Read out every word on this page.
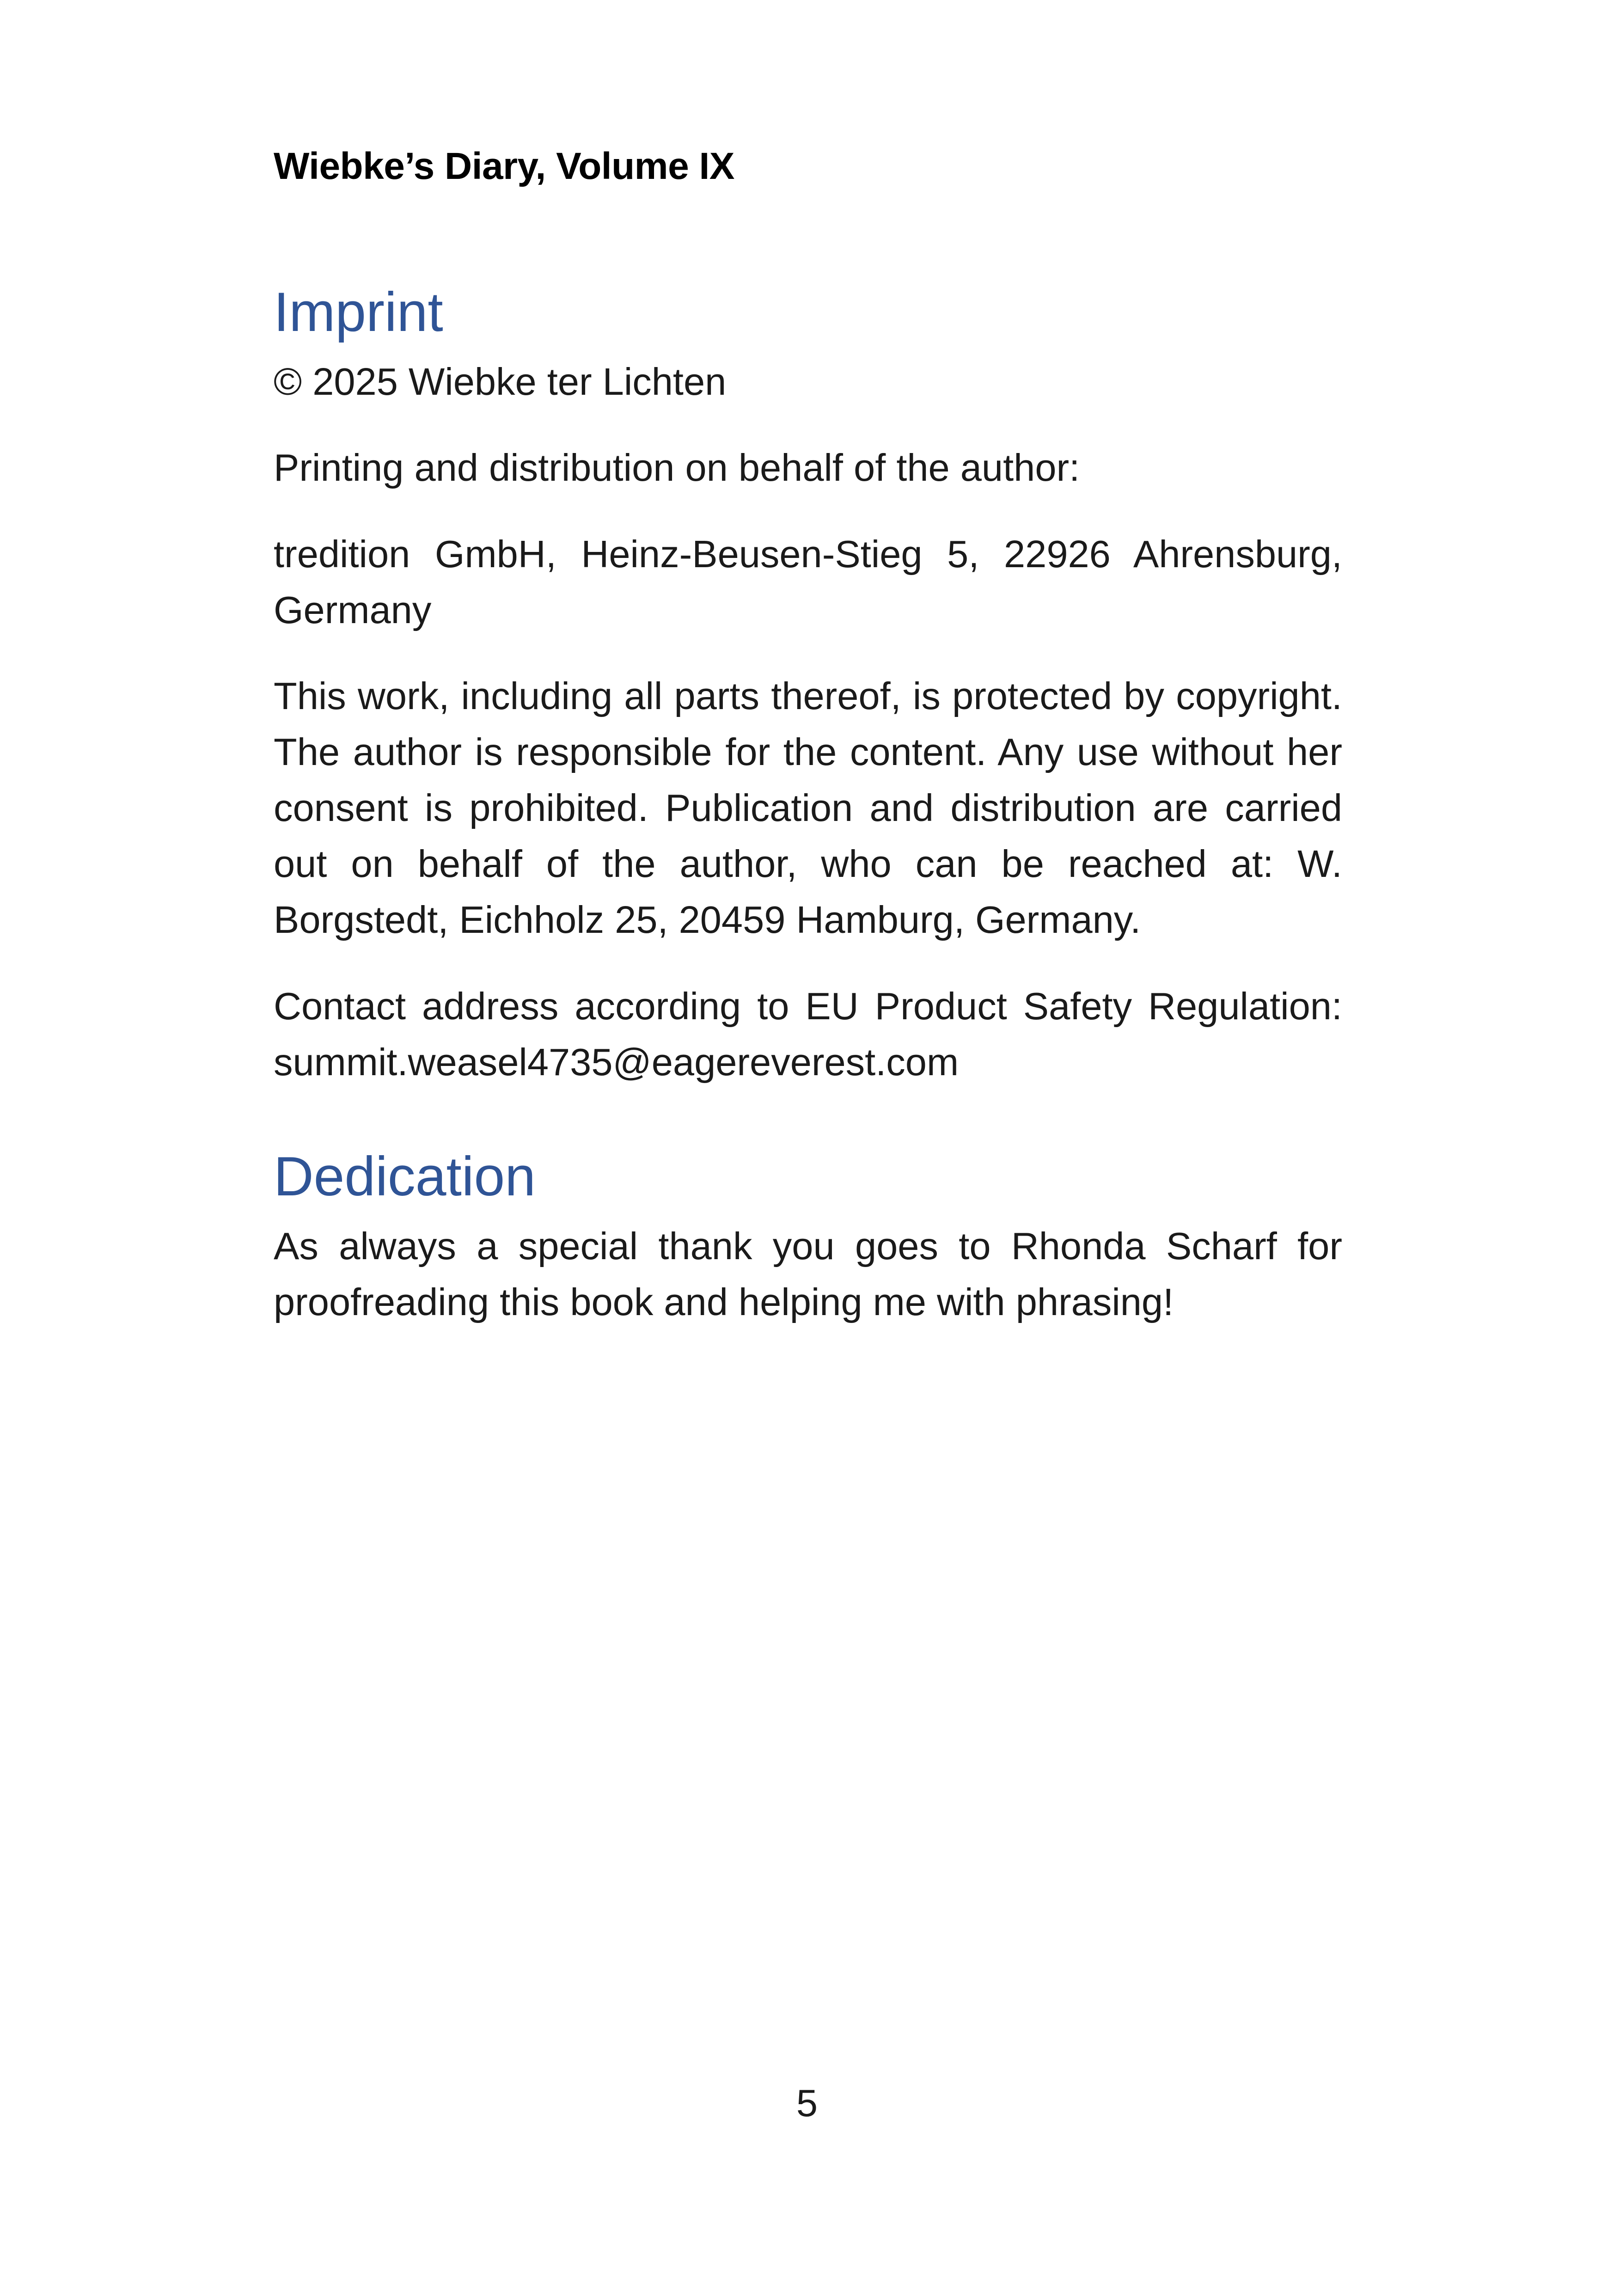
Wiebke’s Diary, Volume IX

Imprint

© 2025 Wiebke ter Lichten

Printing and distribution on behalf of the author:

tredition GmbH, Heinz-Beusen-Stieg 5, 22926 Ahrensburg, Germany

This work, including all parts thereof, is protected by copyright. The author is responsible for the content. Any use without her consent is prohibited. Publication and distribution are carried out on behalf of the author, who can be reached at: W. Borgstedt, Eichholz 25, 20459 Hamburg, Germany.

Contact address according to EU Product Safety Regulation: summit.weasel4735@eagereverest.com

Dedication

As always a special thank you goes to Rhonda Scharf for proofreading this book and helping me with phrasing!

5
